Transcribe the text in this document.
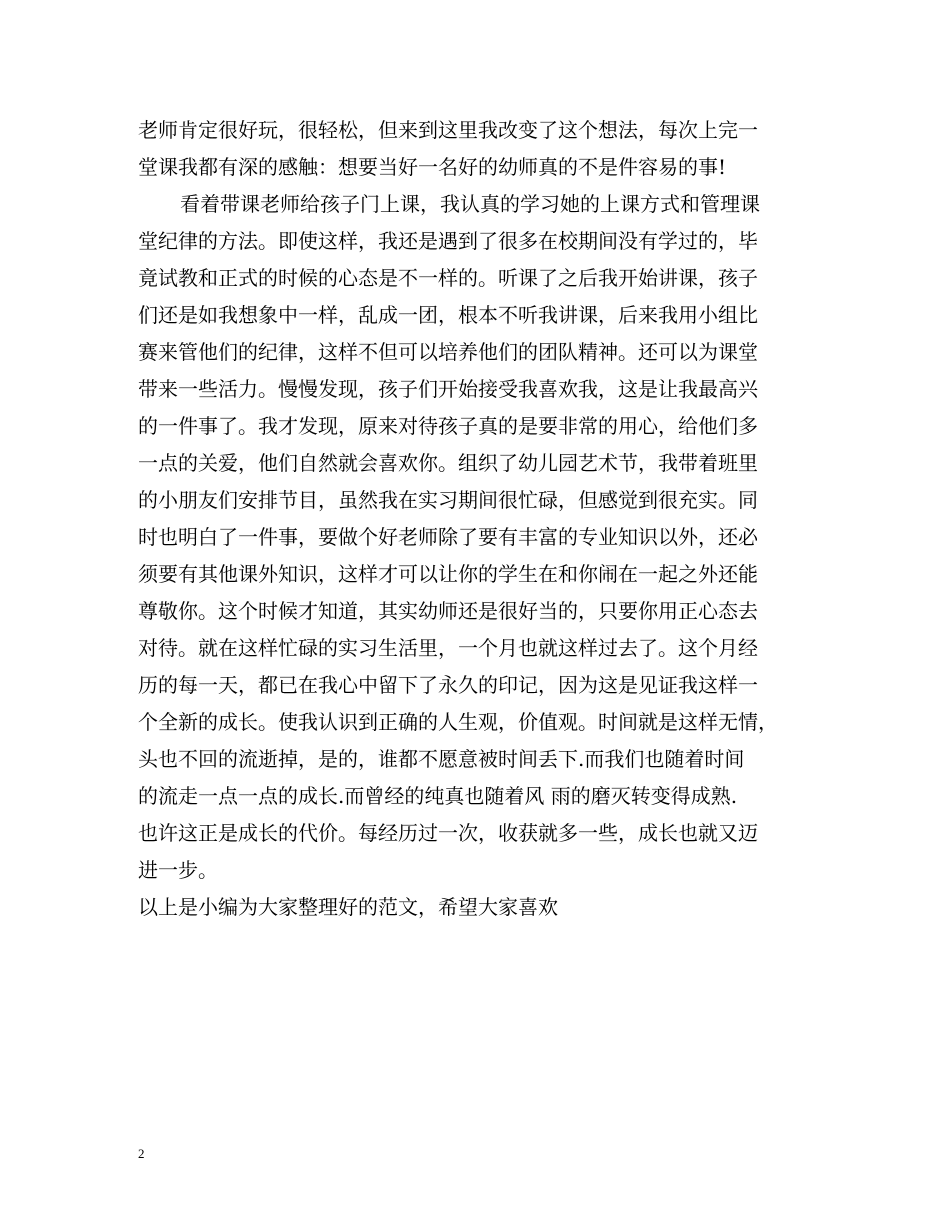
老师肯定很好玩，很轻松，但来到这里我改变了这个想法，每次上完一
堂课我都有深的感触：想要当好一名好的幼师真的不是件容易的事!
看着带课老师给孩子门上课，我认真的学习她的上课方式和管理课
堂纪律的方法。即使这样，我还是遇到了很多在校期间没有学过的，毕
竟试教和正式的时候的心态是不一样的。听课了之后我开始讲课，孩子
们还是如我想象中一样，乱成一团，根本不听我讲课，后来我用小组比
赛来管他们的纪律，这样不但可以培养他们的团队精神。还可以为课堂
带来一些活力。慢慢发现，孩子们开始接受我喜欢我，这是让我最高兴
的一件事了。我才发现，原来对待孩子真的是要非常的用心，给他们多
一点的关爱，他们自然就会喜欢你。组织了幼儿园艺术节，我带着班里
的小朋友们安排节目，虽然我在实习期间很忙碌，但感觉到很充实。同
时也明白了一件事，要做个好老师除了要有丰富的专业知识以外，还必
须要有其他课外知识，这样才可以让你的学生在和你闹在一起之外还能
尊敬你。这个时候才知道，其实幼师还是很好当的，只要你用正心态去
对待。就在这样忙碌的实习生活里，一个月也就这样过去了。这个月经
历的每一天，都已在我心中留下了永久的印记，因为这是见证我这样一
个全新的成长。使我认识到正确的人生观，价值观。时间就是这样无情，
头也不回的流逝掉，是的，谁都不愿意被时间丢下.而我们也随着时间
的流走一点一点的成长.而曾经的纯真也随着风 雨的磨灭转变得成熟.
也许这正是成长的代价。每经历过一次，收获就多一些，成长也就又迈
进一步。
以上是小编为大家整理好的范文，希望大家喜欢
2
